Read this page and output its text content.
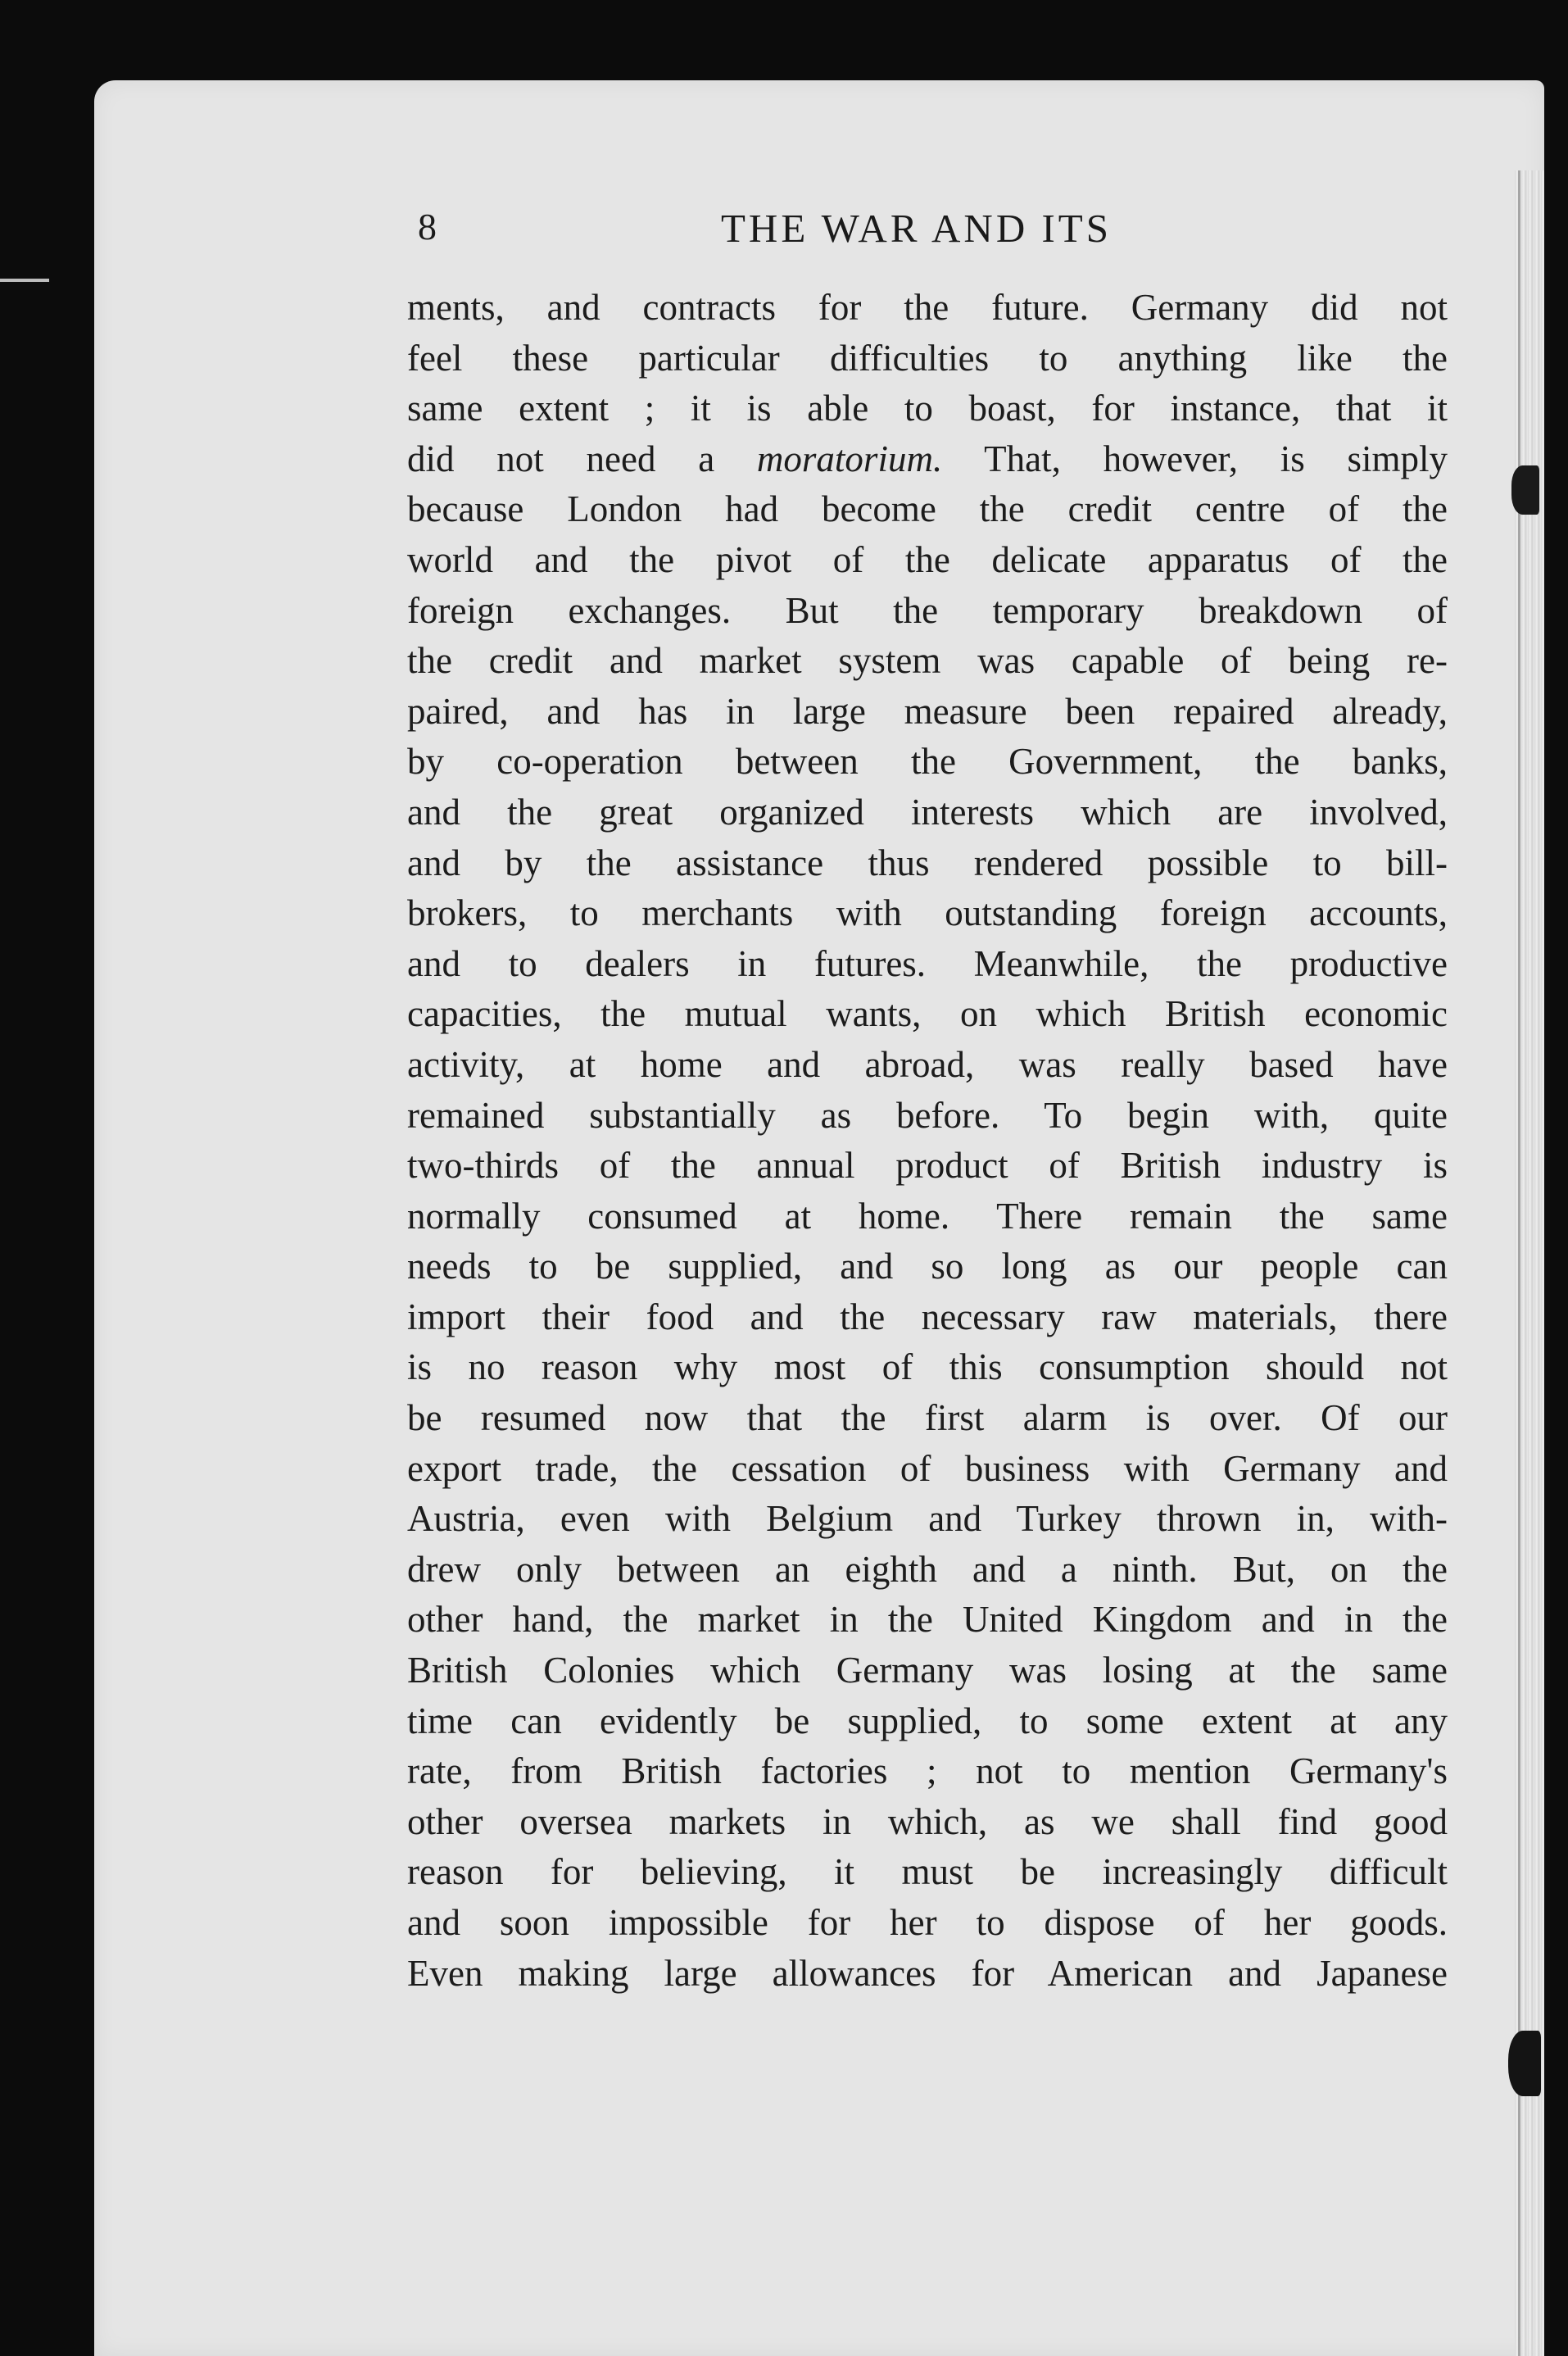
8	THE WAR AND ITS
ments, and contracts for the future. Germany did not
feel these particular difficulties to anything like the
same extent ; it is able to boast, for instance, that it
did not need a moratorium. That, however, is simply
because London had become the credit centre of the
world and the pivot of the delicate apparatus of the
foreign exchanges. But the temporary breakdown of
the credit and market system was capable of being re-
paired, and has in large measure been repaired already,
by co-operation between the Government, the banks,
and the great organized interests which are involved,
and by the assistance thus rendered possible to bill-
brokers, to merchants with outstanding foreign accounts,
and to dealers in futures. Meanwhile, the productive
capacities, the mutual wants, on which British economic
activity, at home and abroad, was really based have
remained substantially as before. To begin with, quite
two-thirds of the annual product of British industry is
normally consumed at home. There remain the same
needs to be supplied, and so long as our people can
import their food and the necessary raw materials, there
is no reason why most of this consumption should not
be resumed now that the first alarm is over. Of our
export trade, the cessation of business with Germany and
Austria, even with Belgium and Turkey thrown in, with-
drew only between an eighth and a ninth. But, on the
other hand, the market in the United Kingdom and in the
British Colonies which Germany was losing at the same
time can evidently be supplied, to some extent at any
rate, from British factories ; not to mention Germany's
other oversea markets in which, as we shall find good
reason for believing, it must be increasingly difficult
and soon impossible for her to dispose of her goods.
Even making large allowances for American and Japanese
